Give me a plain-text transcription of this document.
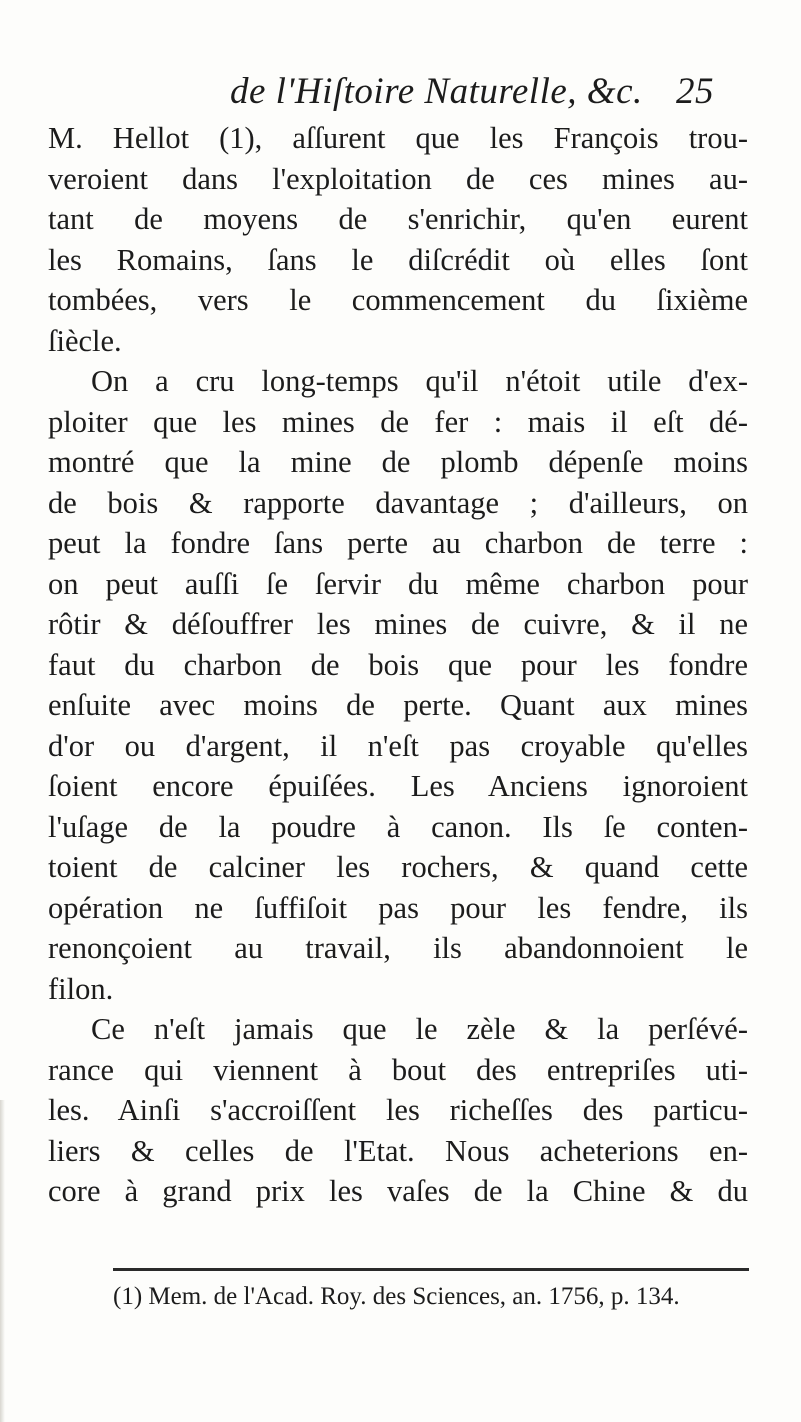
de l'Hiſtoire Naturelle, &c. 25
M. Hellot (1), aſſurent que les François trou-
veroient dans l'exploitation de ces mines au-
tant de moyens de s'enrichir, qu'en eurent
les Romains, ſans le diſcrédit où elles ſont
tombées, vers le commencement du ſixième
ſiècle.
On a cru long-temps qu'il n'étoit utile d'ex-
ploiter que les mines de fer : mais il eſt dé-
montré que la mine de plomb dépenſe moins
de bois & rapporte davantage ; d'ailleurs, on
peut la fondre ſans perte au charbon de terre :
on peut auſſi ſe ſervir du même charbon pour
rôtir & déſouffrer les mines de cuivre, & il ne
faut du charbon de bois que pour les fondre
enſuite avec moins de perte. Quant aux mines
d'or ou d'argent, il n'eſt pas croyable qu'elles
ſoient encore épuiſées. Les Anciens ignoroient
l'uſage de la poudre à canon. Ils ſe conten-
toient de calciner les rochers, & quand cette
opération ne ſuffiſoit pas pour les fendre, ils
renonçoient au travail, ils abandonnoient le
filon.
Ce n'eſt jamais que le zèle & la perſévé-
rance qui viennent à bout des entrepriſes uti-
les. Ainſi s'accroiſſent les richeſſes des particu-
liers & celles de l'Etat. Nous acheterions en-
core à grand prix les vaſes de la Chine & du
(1) Mem. de l'Acad. Roy. des Sciences, an. 1756, p. 134.
